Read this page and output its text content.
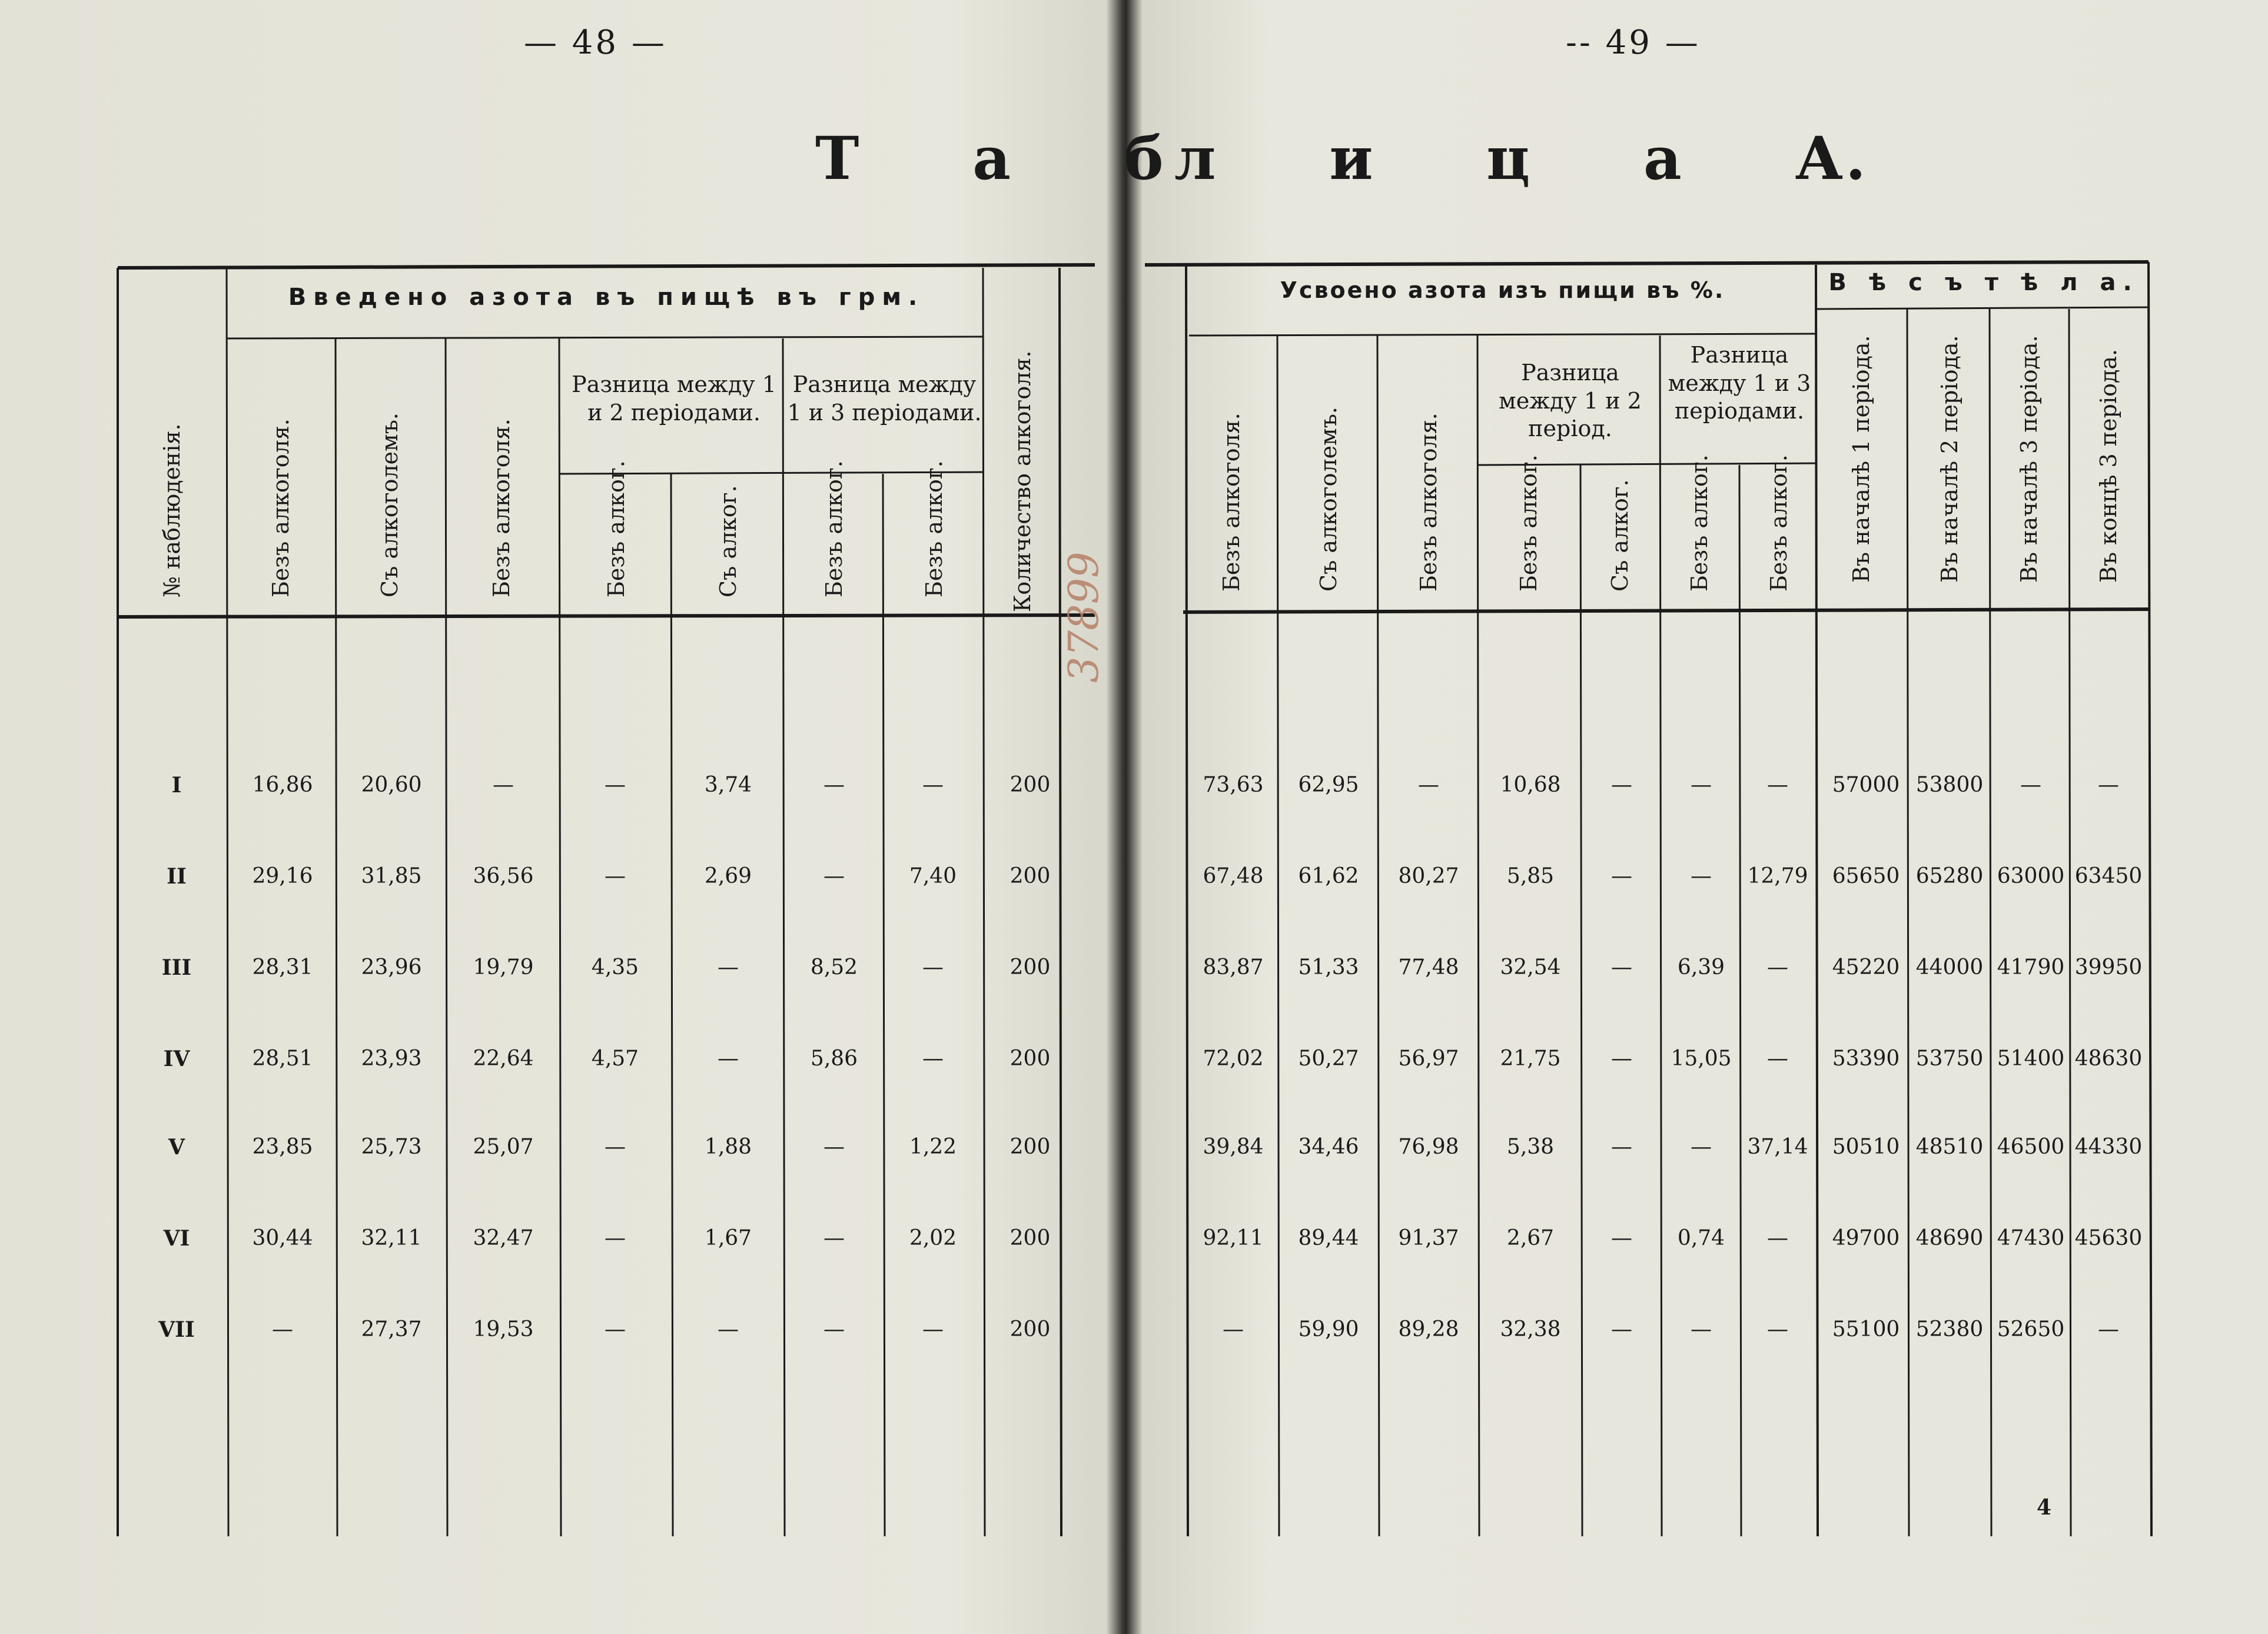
— 48 —	-- 49 —
Т а б л и ц а А.
Введено азота въ пищѣ въ грм.
Разница между 1 и 2 періодами.
Разница между 1 и 3 періодами.
№ наблюденія.	Безъ алкоголя.	Съ алкоголемъ.	Безъ алкоголя.	Безъ алког.	Съ алког.	Безъ алког.	Безъ алког.	Количество алкоголя.
Усвоено азота изъ пищи въ %.
Разница между 1 и 2 період.
Разница между 1 и 3 періодами.
В ѣ с ъ т ѣ л а.
Безъ алкоголя.	Съ алкоголемъ.	Безъ алкоголя.	Безъ алког.	Съ алког. Безъ алког. Безъ алког.	Въ началѣ 1 періода.	Въ началѣ 2 періода. Въ началѣ 3 періода. Въ концѣ 3 періода.
I	16,86	20,60	—	—	3,74	—	—	200	73,63	62,95	—	10,68	—	—	—	57000 53800	—	—
II	29,16	31,85	36,56	—	2,69	—	7,40	200	67,48	61,62	80,27	5,85	—	—	12,79	65650 65280 63000 63450
III	28,31	23,96	19,79	4,35	—	8,52	—	200	83,87	51,33	77,48	32,54	—	6,39	—	45220 44000 41790 39950
IV	28,51	23,93	22,64	4,57	—	5,86	—	200	72,02	50,27	56,97	21,75	—	15,05	—	53390 53750 51400 48630
V	23,85	25,73	25,07	—	1,88	—	1,22	200	39,84	34,46	76,98	5,38	—	—	37,14	50510 48510 46500 44330
VI	30,44	32,11	32,47	—	1,67	—	2,02	200	92,11	89,44	91,37	2,67	—	0,74	—	49700 48690 47430 45630
VII	—	27,37	19,53	—	—	—	—	200	—	59,90	89,28	32,38	—	—	—	55100 52380 52650	—
37899
4
